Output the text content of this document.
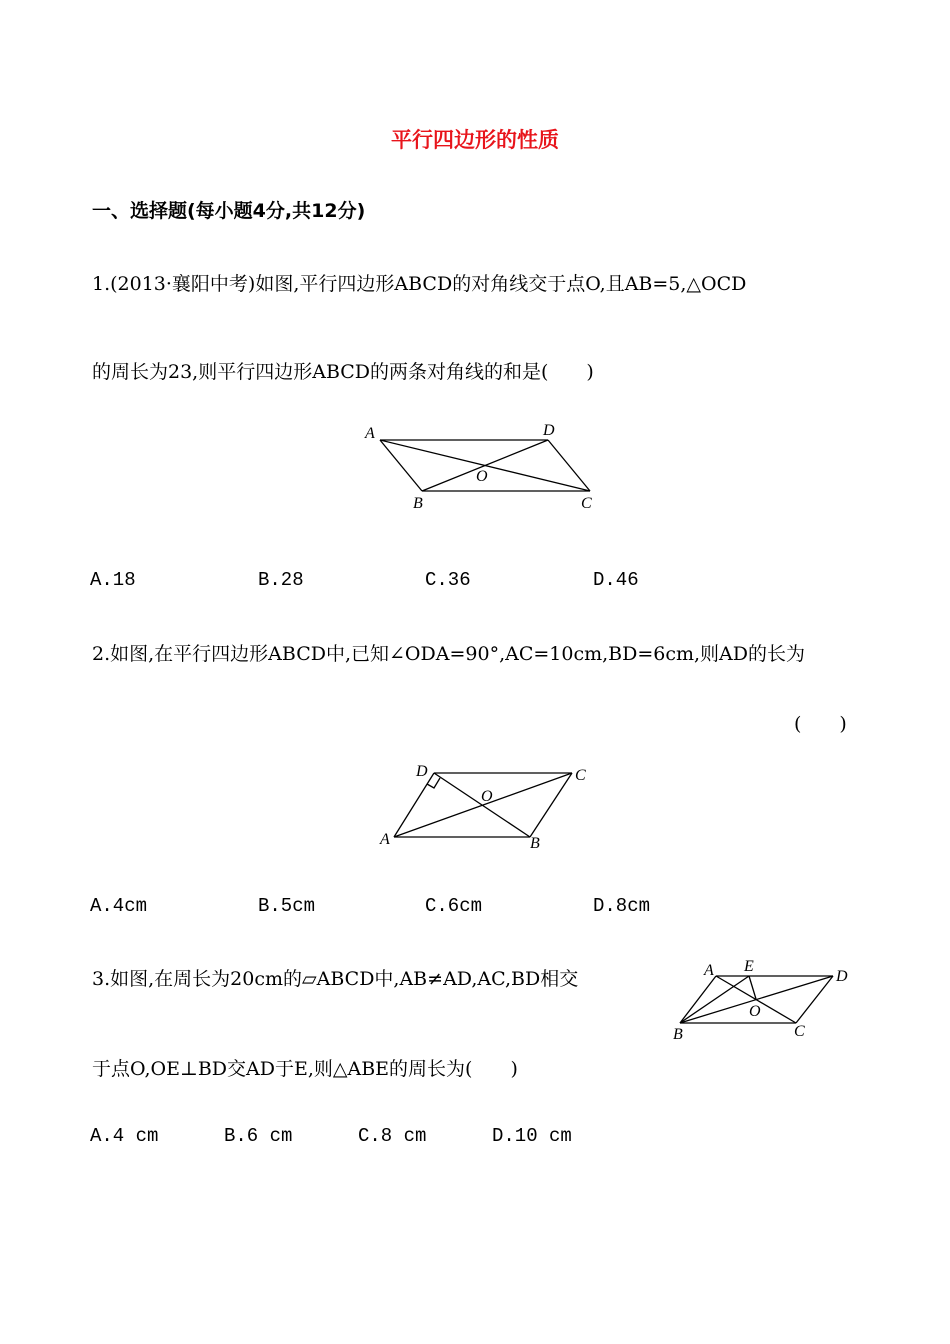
平行四边形的性质
一、选择题(每小题4分,共12分)
1.(2013·襄阳中考)如图,平行四边形ABCD的对角线交于点O,且AB=5,△OCD
的周长为23,则平行四边形ABCD的两条对角线的和是(　　)
A	D
O
B	C
A.18	B.28	C.36	D.46
2.如图,在平行四边形ABCD中,已知∠ODA=90°,AC=10cm,BD=6cm,则AD的长为
(　　)
D	C
O
A	B
A.4cm	B.5cm	C.6cm	D.8cm
3.如图,在周长为20cm的▱ABCD中,AB≠AD,AC,BD相交
于点O,OE⊥BD交AD于E,则△ABE的周长为(　　)
A E
D
O
B	C
A.4 cm	B.6 cm	C.8 cm	D.10 cm
